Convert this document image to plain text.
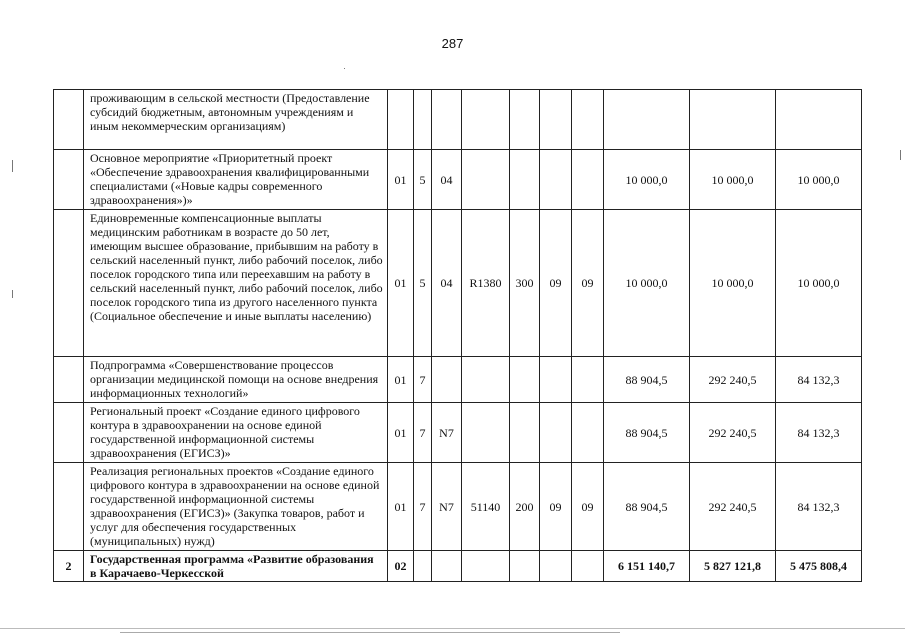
287
	проживающим в сельской местности (Предоставление субсидий бюджетным, автономным учреждениям и иным некоммерческим организациям)										
	Основное мероприятие «Приоритетный проект «Обеспечение здравоохранения квалифицированными специалистами («Новые кадры современного здравоохранения»)»	01	5	04					10 000,0	10 000,0	10 000,0
	Единовременные компенсационные выплаты медицинским работникам в возрасте до 50 лет, имеющим высшее образование, прибывшим на работу в сельский населенный пункт, либо рабочий поселок, либо поселок городского типа или переехавшим на работу в сельский населенный пункт, либо рабочий поселок, либо поселок городского типа из другого населенного пункта (Социальное обеспечение и иные выплаты населению)	01	5	04	R1380	300	09	09	10 000,0	10 000,0	10 000,0
	Подпрограмма «Совершенствование процессов организации медицинской помощи на основе внедрения информационных технологий»	01	7						88 904,5	292 240,5	84 132,3
	Региональный проект «Создание единого цифрового контура в здравоохранении на основе единой государственной информационной системы здравоохранения (ЕГИСЗ)»	01	7	N7					88 904,5	292 240,5	84 132,3
	Реализация региональных проектов «Создание единого цифрового контура в здравоохранении на основе единой государственной информационной системы здравоохранения (ЕГИСЗ)» (Закупка товаров, работ и услуг для обеспечения государственных (муниципальных) нужд)	01	7	N7	51140	200	09	09	88 904,5	292 240,5	84 132,3
2	Государственная программа «Развитие образования в Карачаево-Черкесской	02							6 151 140,7	5 827 121,8	5 475 808,4
